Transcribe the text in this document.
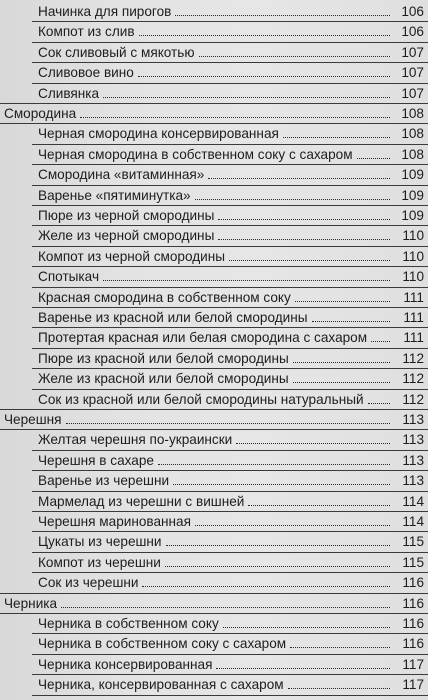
Начинка для пирогов	106
Компот из слив	106
Сок сливовый с мякотью	107
Сливовое вино	107
Сливянка	107
Смородина	108
Черная смородина консервированная	108
Черная смородина в собственном соку с сахаром	108
Смородина «витаминная»	109
Варенье «пятиминутка»	109
Пюре из черной смородины	109
Желе из черной смородины	110
Компот из черной смородины	110
Спотыкач	110
Красная смородина в собственном соку	111
Варенье из красной или белой смородины	111
Протертая красная или белая смородина с сахаром	111
Пюре из красной или белой смородины	112
Желе из красной или белой смородины	112
Сок из красной или белой смородины натуральный	112
Черешня	113
Желтая черешня по-украински	113
Черешня в сахаре	113
Варенье из черешни	113
Мармелад из черешни с вишней	114
Черешня маринованная	114
Цукаты из черешни	115
Компот из черешни	115
Сок из черешни	116
Черника	116
Черника в собственном соку	116
Черника в собственном соку с сахаром	116
Черника консервированная	117
Черника, консервированная с сахаром	117
